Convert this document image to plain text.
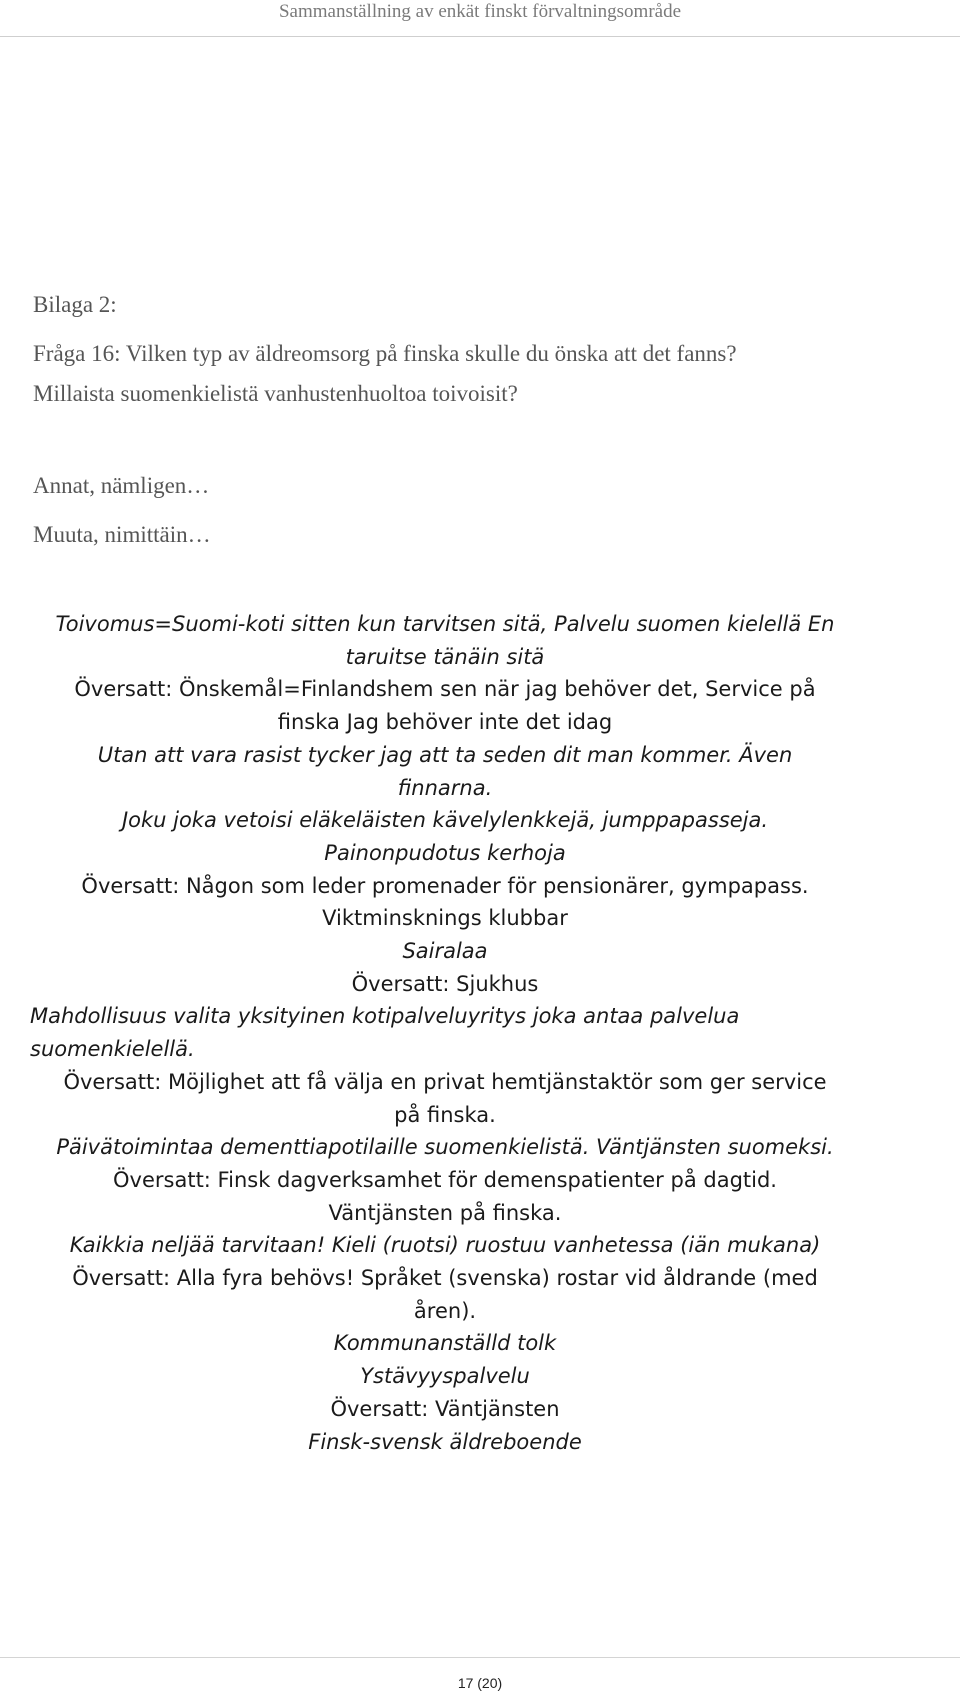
Sammanställning av enkät finskt förvaltningsområde
Bilaga 2:
Fråga 16: Vilken typ av äldreomsorg på finska skulle du önska att det fanns?
Millaista suomenkielistä vanhustenhuoltoa toivoisit?
Annat, nämligen…
Muuta, nimittäin…
Toivomus=Suomi-koti sitten kun tarvitsen sitä, Palvelu suomen kielellä En
taruitse tänäin sitä
Översatt: Önskemål=Finlandshem sen när jag behöver det, Service på
finska Jag behöver inte det idag
Utan att vara rasist tycker jag att ta seden dit man kommer. Även
finnarna.
Joku joka vetoisi eläkeläisten kävelylenkkejä, jumppapasseja.
Painonpudotus kerhoja
Översatt: Någon som leder promenader för pensionärer, gympapass.
Viktminsknings klubbar
Sairalaa
Översatt: Sjukhus
Mahdollisuus valita yksityinen kotipalveluyritys joka antaa palvelua
suomenkielellä.
Översatt: Möjlighet att få välja en privat hemtjänstaktör som ger service
på finska.
Päivätoimintaa dementtiapotilaille suomenkielistä. Väntjänsten suomeksi.
Översatt: Finsk dagverksamhet för demenspatienter på dagtid.
Väntjänsten på finska.
Kaikkia neljää tarvitaan! Kieli (ruotsi) ruostuu vanhetessa (iän mukana)
Översatt: Alla fyra behövs! Språket (svenska) rostar vid åldrande (med
åren).
Kommunanställd tolk
Ystävyyspalvelu
Översatt: Väntjänsten
Finsk-svensk äldreboende
17 (20)
